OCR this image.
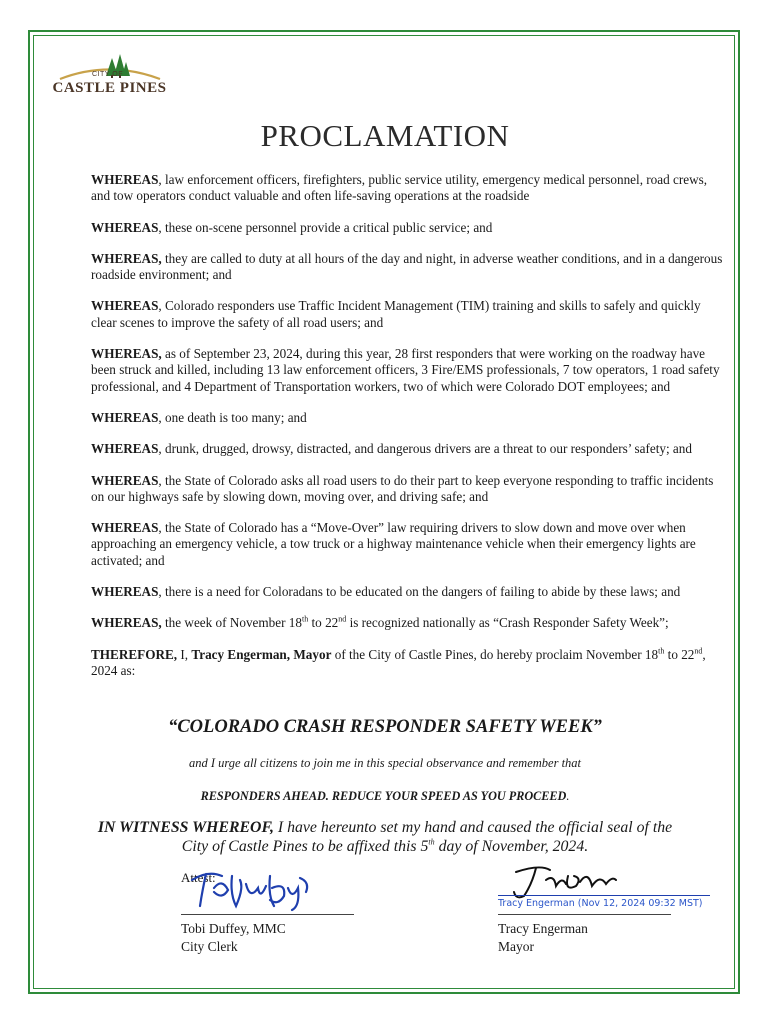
CITY OF
CASTLE PINES
PROCLAMATION

WHEREAS, law enforcement officers, firefighters, public service utility, emergency medical personnel, road crews, and tow operators conduct valuable and often life-saving operations at the roadside

WHEREAS, these on-scene personnel provide a critical public service; and

WHEREAS, they are called to duty at all hours of the day and night, in adverse weather conditions, and in a dangerous roadside environment; and

WHEREAS, Colorado responders use Traffic Incident Management (TIM) training and skills to safely and quickly clear scenes to improve the safety of all road users; and

WHEREAS, as of September 23, 2024, during this year, 28 first responders that were working on the roadway have been struck and killed, including 13 law enforcement officers, 3 Fire/EMS professionals, 7 tow operators, 1 road safety professional, and 4 Department of Transportation workers, two of which were Colorado DOT employees; and

WHEREAS, one death is too many; and

WHEREAS, drunk, drugged, drowsy, distracted, and dangerous drivers are a threat to our responders’ safety; and

WHEREAS, the State of Colorado asks all road users to do their part to keep everyone responding to traffic incidents on our highways safe by slowing down, moving over, and driving safe; and

WHEREAS, the State of Colorado has a “Move-Over” law requiring drivers to slow down and move over when approaching an emergency vehicle, a tow truck or a highway maintenance vehicle when their emergency lights are activated; and

WHEREAS, there is a need for Coloradans to be educated on the dangers of failing to abide by these laws; and

WHEREAS, the week of November 18th to 22nd is recognized nationally as “Crash Responder Safety Week”;

THEREFORE, I, Tracy Engerman, Mayor of the City of Castle Pines, do hereby proclaim November 18th to 22nd, 2024 as:

“COLORADO CRASH RESPONDER SAFETY WEEK”
and I urge all citizens to join me in this special observance and remember that
RESPONDERS AHEAD. REDUCE YOUR SPEED AS YOU PROCEED.
IN WITNESS WHEREOF, I have hereunto set my hand and caused the official seal of the
City of Castle Pines to be affixed this 5th day of November, 2024.
Attest:
Tracy Engerman (Nov 12, 2024 09:32 MST)
Tobi Duffey, MMC
City Clerk
Tracy Engerman
Mayor
